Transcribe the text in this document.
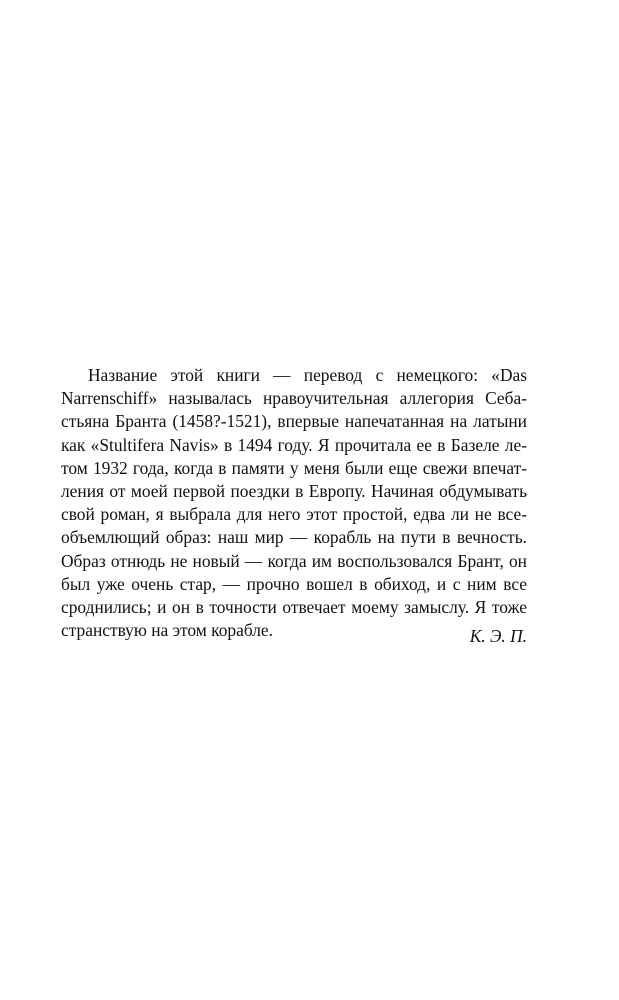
Название этой книги — перевод с немецкого: «Das
Narrenschiff» называлась нравоучительная аллегория Себа-
стьяна Бранта (1458?-1521), впервые напечатанная на латыни
как «Stultifera Navis» в 1494 году. Я прочитала ее в Базеле ле-
том 1932 года, когда в памяти у меня были еще свежи впечат-
ления от моей первой поездки в Европу. Начиная обдумывать
свой роман, я выбрала для него этот простой, едва ли не все-
объемлющий образ: наш мир — корабль на пути в вечность.
Образ отнюдь не новый — когда им воспользовался Брант, он
был уже очень стар, — прочно вошел в обиход, и с ним все
сроднились; и он в точности отвечает моему замыслу. Я тоже
странствую на этом корабле.	К. Э. П.
